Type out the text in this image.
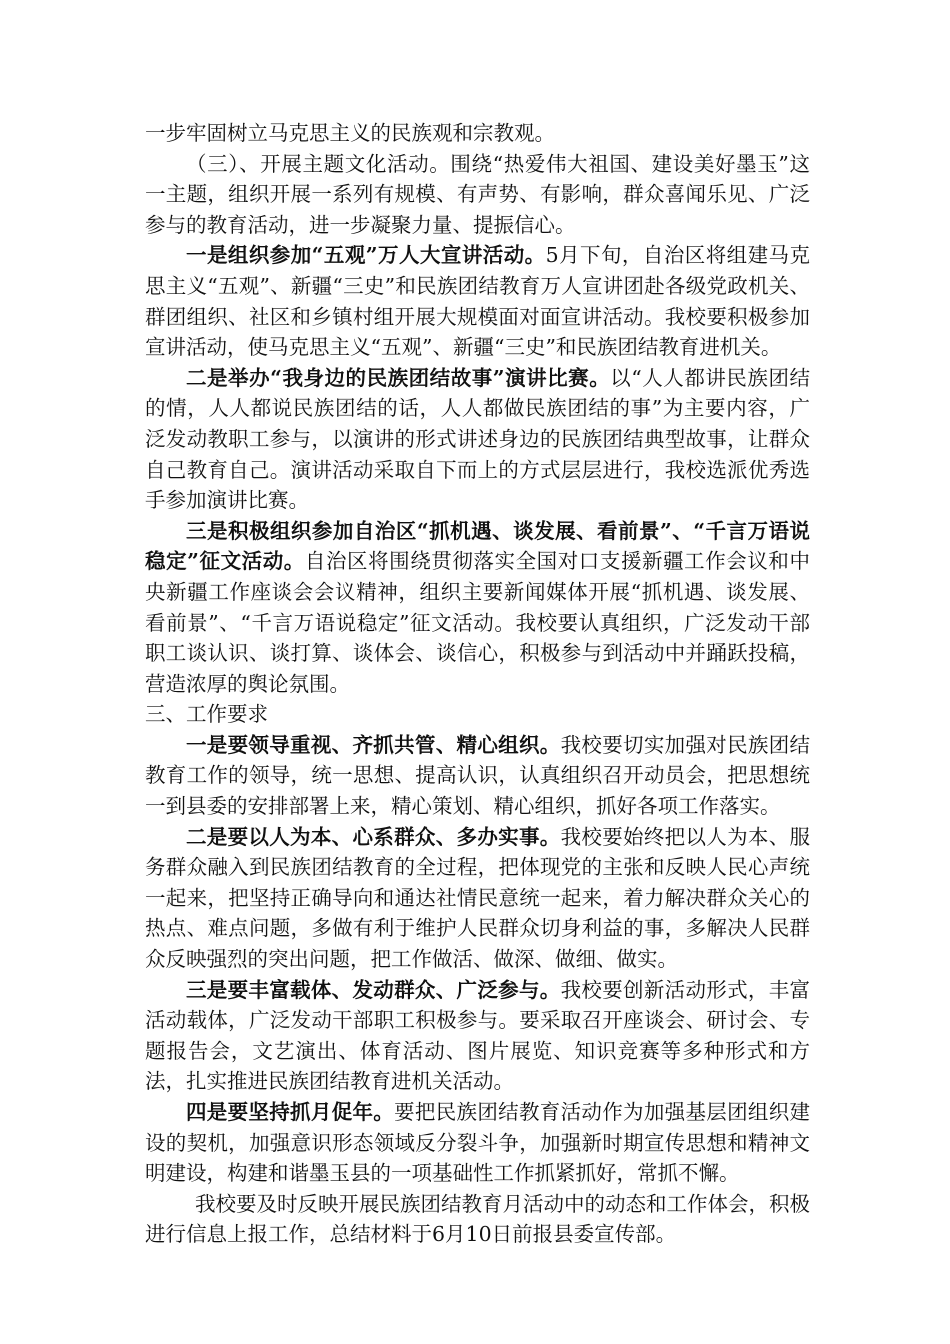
一步牢固树立马克思主义的民族观和宗教观。

（三）、开展主题文化活动。围绕“热爱伟大祖国、建设美好墨玉”这一主题，组织开展一系列有规模、有声势、有影响，群众喜闻乐见、广泛参与的教育活动，进一步凝聚力量、提振信心。

一是组织参加“五观”万人大宣讲活动。5月下旬，自治区将组建马克思主义“五观”、新疆“三史”和民族团结教育万人宣讲团赴各级党政机关、群团组织、社区和乡镇村组开展大规模面对面宣讲活动。我校要积极参加宣讲活动，使马克思主义“五观”、新疆“三史”和民族团结教育进机关。

二是举办“我身边的民族团结故事”演讲比赛。以“人人都讲民族团结的情，人人都说民族团结的话，人人都做民族团结的事”为主要内容，广泛发动教职工参与，以演讲的形式讲述身边的民族团结典型故事，让群众自己教育自己。演讲活动采取自下而上的方式层层进行，我校选派优秀选手参加演讲比赛。

三是积极组织参加自治区“抓机遇、谈发展、看前景”、“千言万语说稳定”征文活动。自治区将围绕贯彻落实全国对口支援新疆工作会议和中央新疆工作座谈会会议精神，组织主要新闻媒体开展“抓机遇、谈发展、看前景”、“千言万语说稳定”征文活动。我校要认真组织，广泛发动干部职工谈认识、谈打算、谈体会、谈信心，积极参与到活动中并踊跃投稿，营造浓厚的舆论氛围。

三、工作要求

一是要领导重视、齐抓共管、精心组织。我校要切实加强对民族团结教育工作的领导，统一思想、提高认识，认真组织召开动员会，把思想统一到县委的安排部署上来，精心策划、精心组织，抓好各项工作落实。

二是要以人为本、心系群众、多办实事。我校要始终把以人为本、服务群众融入到民族团结教育的全过程，把体现党的主张和反映人民心声统一起来，把坚持正确导向和通达社情民意统一起来，着力解决群众关心的热点、难点问题，多做有利于维护人民群众切身利益的事，多解决人民群众反映强烈的突出问题，把工作做活、做深、做细、做实。

三是要丰富载体、发动群众、广泛参与。我校要创新活动形式，丰富活动载体，广泛发动干部职工积极参与。要采取召开座谈会、研讨会、专题报告会，文艺演出、体育活动、图片展览、知识竞赛等多种形式和方法，扎实推进民族团结教育进机关活动。

四是要坚持抓月促年。要把民族团结教育活动作为加强基层团组织建设的契机，加强意识形态领域反分裂斗争，加强新时期宣传思想和精神文明建设，构建和谐墨玉县的一项基础性工作抓紧抓好，常抓不懈。

我校要及时反映开展民族团结教育月活动中的动态和工作体会，积极进行信息上报工作，总结材料于6月10日前报县委宣传部。
